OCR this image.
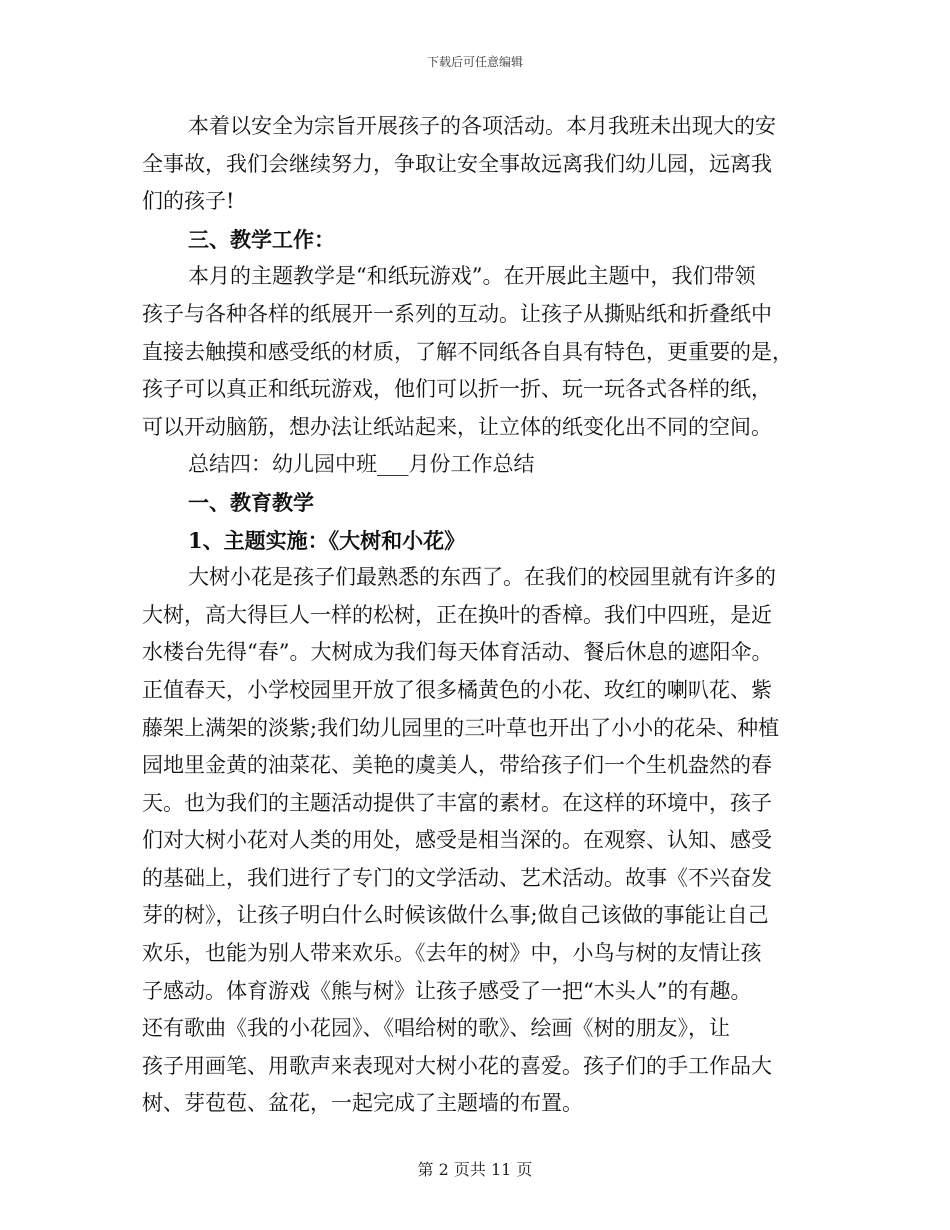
下载后可任意编辑
本着以安全为宗旨开展孩子的各项活动。本月我班未出现大的安
全事故，我们会继续努力，争取让安全事故远离我们幼儿园，远离我
们的孩子!
三、教学工作：
本月的主题教学是“和纸玩游戏”。在开展此主题中，我们带领
孩子与各种各样的纸展开一系列的互动。让孩子从撕贴纸和折叠纸中
直接去触摸和感受纸的材质，了解不同纸各自具有特色，更重要的是，
孩子可以真正和纸玩游戏，他们可以折一折、玩一玩各式各样的纸，
可以开动脑筋，想办法让纸站起来，让立体的纸变化出不同的空间。
总结四：幼儿园中班___月份工作总结
一、教育教学
1、主题实施：《大树和小花》
大树小花是孩子们最熟悉的东西了。在我们的校园里就有许多的
大树，高大得巨人一样的松树，正在换叶的香樟。我们中四班，是近
水楼台先得“春”。大树成为我们每天体育活动、餐后休息的遮阳伞。
正值春天，小学校园里开放了很多橘黄色的小花、玫红的喇叭花、紫
藤架上满架的淡紫;我们幼儿园里的三叶草也开出了小小的花朵、种植
园地里金黄的油菜花、美艳的虞美人，带给孩子们一个生机盎然的春
天。也为我们的主题活动提供了丰富的素材。在这样的环境中，孩子
们对大树小花对人类的用处，感受是相当深的。在观察、认知、感受
的基础上，我们进行了专门的文学活动、艺术活动。故事《不兴奋发
芽的树》，让孩子明白什么时候该做什么事;做自己该做的事能让自己
欢乐，也能为别人带来欢乐。《去年的树》中，小鸟与树的友情让孩
子感动。体育游戏《熊与树》让孩子感受了一把“木头人”的有趣。
还有歌曲《我的小花园》、《唱给树的歌》、绘画《树的朋友》，让
孩子用画笔、用歌声来表现对大树小花的喜爱。孩子们的手工作品大
树、芽苞苞、盆花，一起完成了主题墙的布置。
第 2 页共 11 页
